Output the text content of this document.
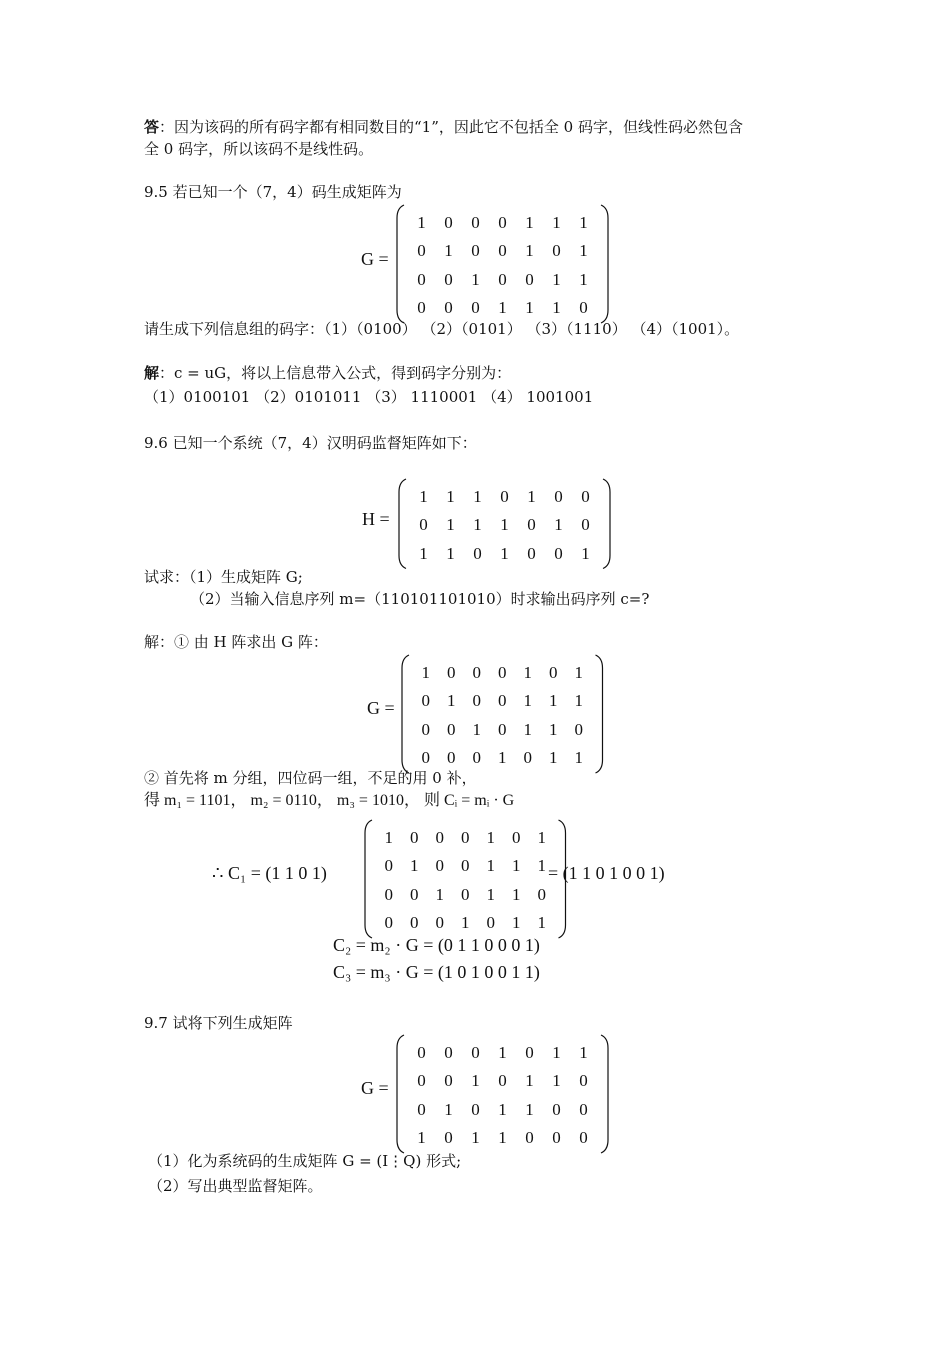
答：因为该码的所有码字都有相同数目的“1”，因此它不包括全 0 码字，但线性码必然包含
全 0 码字，所以该码不是线性码。
9.5 若已知一个（7，4）码生成矩阵为
G =
1	0	0	0	1	1	1
0	1	0	0	1	0	1
0	0	1	0	0	1	1
0	0	0	1	1	1	0
请生成下列信息组的码字：（1）（0100） （2）（0101） （3）（1110） （4）（1001）。
解：c = uG，将以上信息带入公式，得到码字分别为：
（1）0100101 （2）0101011 （3） 1110001 （4） 1001001
9.6 已知一个系统（7，4）汉明码监督矩阵如下：
H =
1	1	1	0	1	0	0
0	1	1	1	0	1	0
1	1	0	1	0	0	1
试求：（1）生成矩阵 G;
（2）当输入信息序列 m=（110101101010）时求输出码序列 c=?
解：① 由 H 阵求出 G 阵：
G =
1	0	0	0	1	0	1
0	1	0	0	1	1	1
0	0	1	0	1	1	0
0	0	0	1	0	1	1
② 首先将 m 分组，四位码一组，不足的用 0 补，
得 m₁ = 1101， m₂ = 0110， m₃ = 1010， 则 Cᵢ = mᵢ · G
∴ C₁ = (1 1 0 1)
1	0	0	0	1	0	1
0	1	0	0	1	1	1
0	0	1	0	1	1	0
0	0	0	1	0	1	1
= (1 1 0 1 0 0 1)
C₂ = m₂ · G = (0 1 1 0 0 0 1)
C₃ = m₃ · G = (1 0 1 0 0 1 1)
9.7 试将下列生成矩阵
G =
0	0	0	1	0	1	1
0	0	1	0	1	1	0
0	1	0	1	1	0	0
1	0	1	1	0	0	0
（1）化为系统码的生成矩阵 G = (I⋮Q) 形式;
（2）写出典型监督矩阵。
